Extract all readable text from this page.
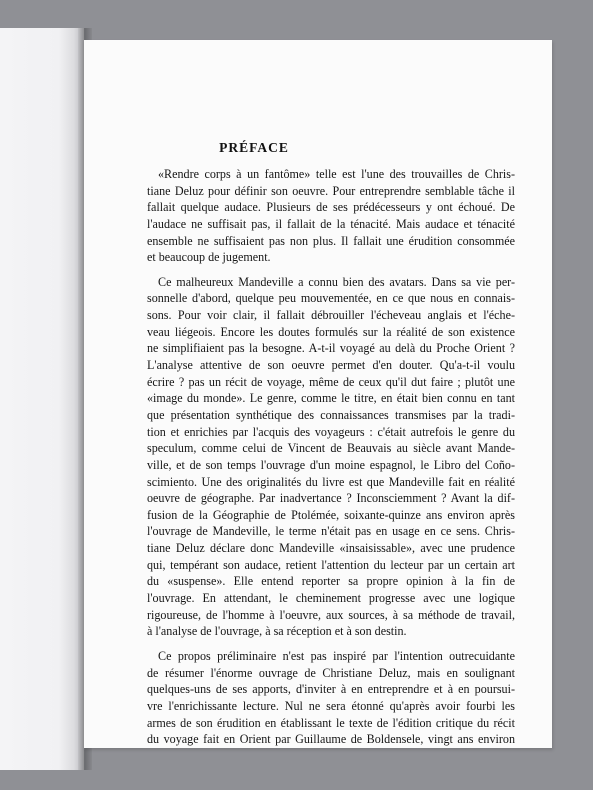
PRÉFACE
«Rendre corps à un fantôme» telle est l'une des trouvailles de Chris-
tiane Deluz pour définir son oeuvre. Pour entreprendre semblable tâche il
fallait quelque audace. Plusieurs de ses prédécesseurs y ont échoué. De
l'audace ne suffisait pas, il fallait de la ténacité. Mais audace et ténacité
ensemble ne suffisaient pas non plus. Il fallait une érudition consommée
et beaucoup de jugement.
Ce malheureux Mandeville a connu bien des avatars. Dans sa vie per-
sonnelle d'abord, quelque peu mouvementée, en ce que nous en connais-
sons. Pour voir clair, il fallait débrouiller l'écheveau anglais et l'éche-
veau liégeois. Encore les doutes formulés sur la réalité de son existence
ne simplifiaient pas la besogne. A-t-il voyagé au delà du Proche Orient ?
L'analyse attentive de son oeuvre permet d'en douter. Qu'a-t-il voulu
écrire ? pas un récit de voyage, même de ceux qu'il dut faire ; plutôt une
«image du monde». Le genre, comme le titre, en était bien connu en tant
que présentation synthétique des connaissances transmises par la tradi-
tion et enrichies par l'acquis des voyageurs : c'était autrefois le genre du
speculum, comme celui de Vincent de Beauvais au siècle avant Mande-
ville, et de son temps l'ouvrage d'un moine espagnol, le Libro del Coño-
scimiento. Une des originalités du livre est que Mandeville fait en réalité
oeuvre de géographe. Par inadvertance ? Inconsciemment ? Avant la dif-
fusion de la Géographie de Ptolémée, soixante-quinze ans environ après
l'ouvrage de Mandeville, le terme n'était pas en usage en ce sens. Chris-
tiane Deluz déclare donc Mandeville «insaisissable», avec une prudence
qui, tempérant son audace, retient l'attention du lecteur par un certain art
du «suspense». Elle entend reporter sa propre opinion à la fin de
l'ouvrage. En attendant, le cheminement progresse avec une logique
rigoureuse, de l'homme à l'oeuvre, aux sources, à sa méthode de travail,
à l'analyse de l'ouvrage, à sa réception et à son destin.
Ce propos préliminaire n'est pas inspiré par l'intention outrecuidante
de résumer l'énorme ouvrage de Christiane Deluz, mais en soulignant
quelques-uns de ses apports, d'inviter à en entreprendre et à en poursui-
vre l'enrichissante lecture. Nul ne sera étonné qu'après avoir fourbi les
armes de son érudition en établissant le texte de l'édition critique du récit
du voyage fait en Orient par Guillaume de Boldensele, vingt ans environ
